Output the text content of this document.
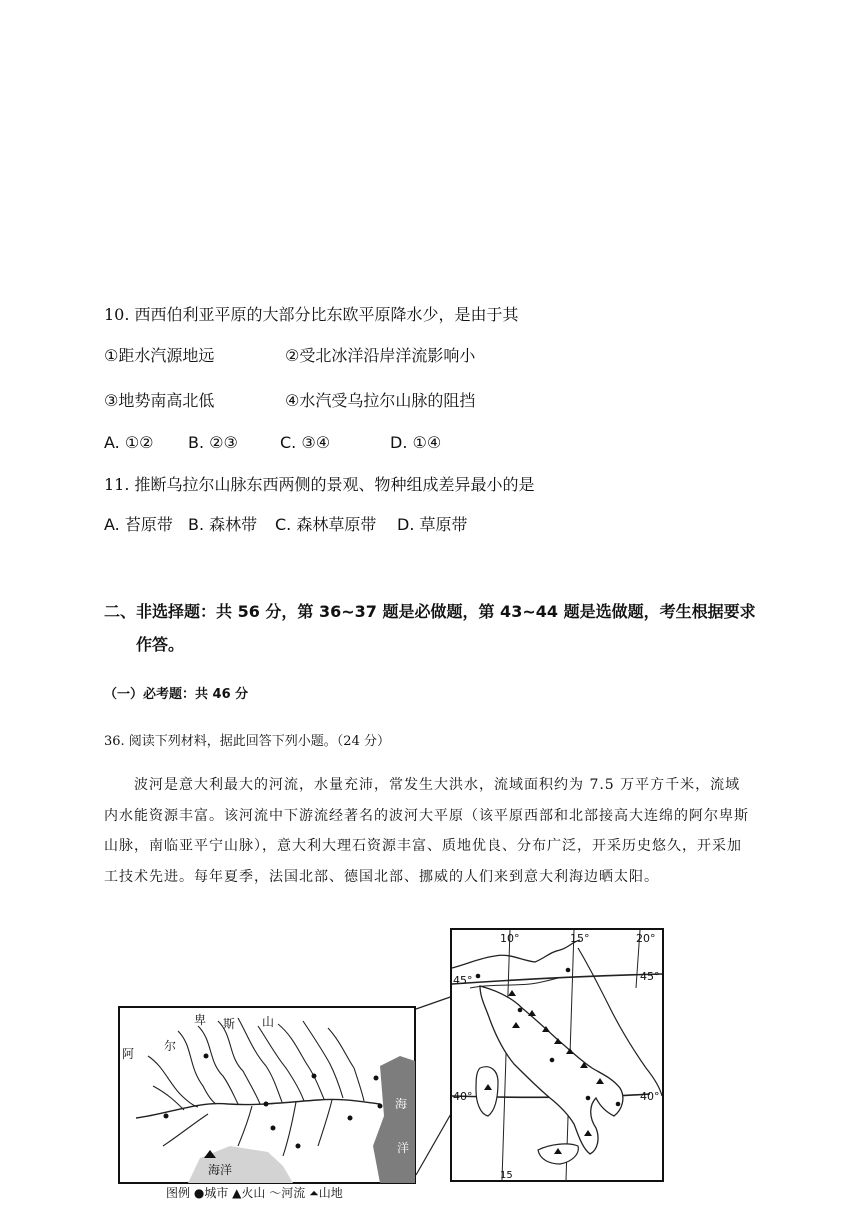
10. 西西伯利亚平原的大部分比东欧平原降水少，是由于其
①距水汽源地远	②受北冰洋沿岸洋流影响小
③地势南高北低	④水汽受乌拉尔山脉的阻挡
A. ①② B. ②③	C. ③④	D. ①④
11. 推断乌拉尔山脉东西两侧的景观、物种组成差异最小的是
A. 苔原带 B. 森林带 C. 森林草原带 D. 草原带
二、非选择题：共 56 分，第 36~37 题是必做题，第 43~44 题是选做题，考生根据要求
作答。
（一）必考题：共 46 分
36. 阅读下列材料，据此回答下列小题。（24 分）
波河是意大利最大的河流，水量充沛，常发生大洪水，流域面积约为 7.5 万平方千米，流域内水能资源丰富。该河流中下游流经著名的波河大平原（该平原西部和北部接高大连绵的阿尔卑斯山脉，南临亚平宁山脉），意大利大理石资源丰富、质地优良、分布广泛，开采历史悠久，开采加工技术先进。每年夏季，法国北部、德国北部、挪威的人们来到意大利海边晒太阳。
卑 斯 山
阿
尔
海
洋
海洋
10°	15°	20°
45°	45°
40°	40°
15
图例 ●城市 ▲火山 ～河流 ⏶山地
